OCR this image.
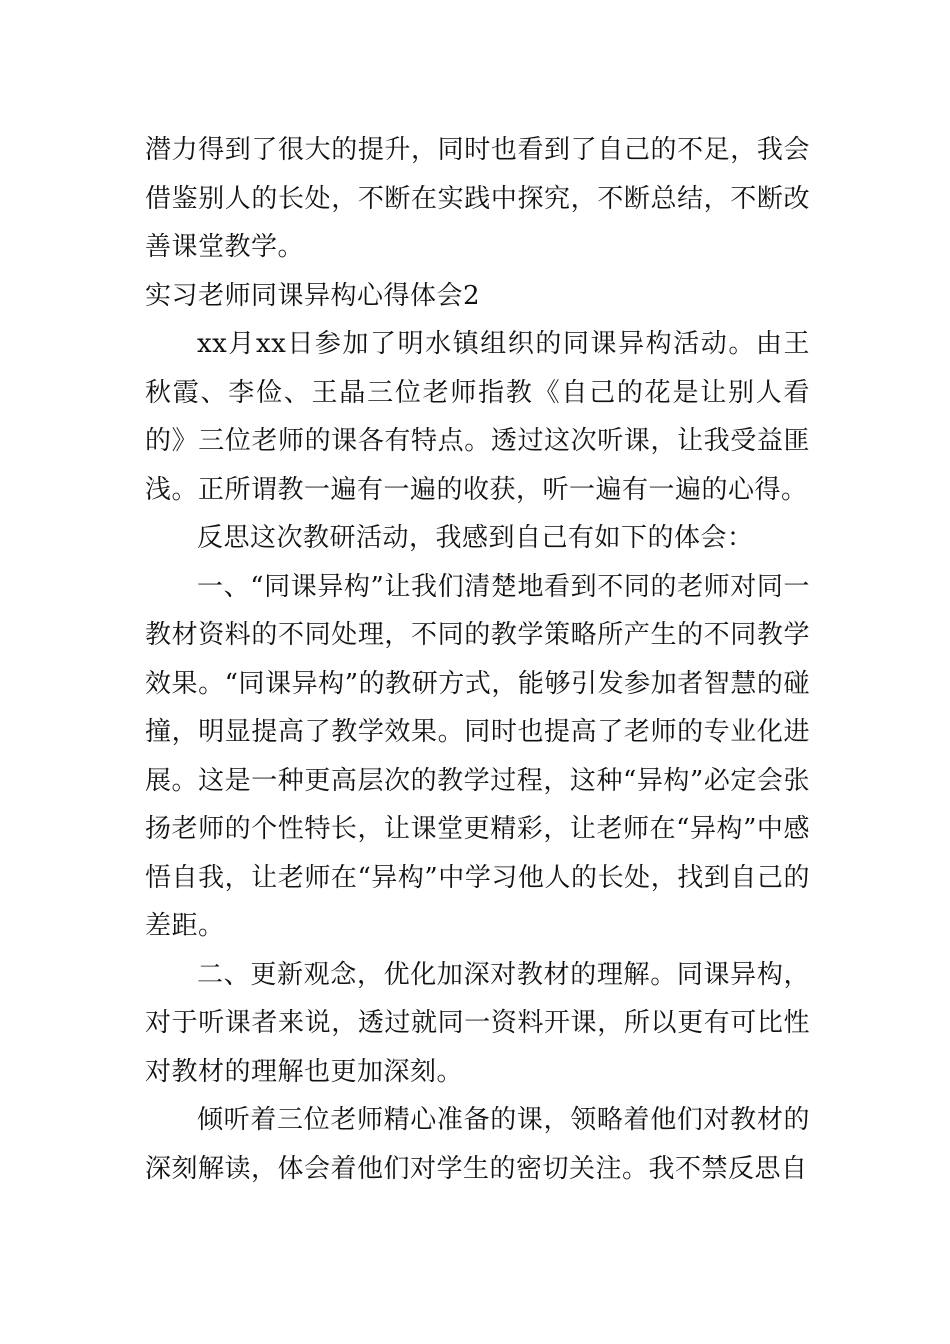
潜力得到了很大的提升，同时也看到了自己的不足，我会借鉴别人的长处，不断在实践中探究，不断总结，不断改善课堂教学。

实习老师同课异构心得体会2

xx月xx日参加了明水镇组织的同课异构活动。由王秋霞、李俭、王晶三位老师指教《自己的花是让别人看的》三位老师的课各有特点。透过这次听课，让我受益匪浅。正所谓教一遍有一遍的收获，听一遍有一遍的心得。

反思这次教研活动，我感到自己有如下的体会：

一、“同课异构”让我们清楚地看到不同的老师对同一教材资料的不同处理，不同的教学策略所产生的不同教学效果。“同课异构”的教研方式，能够引发参加者智慧的碰撞，明显提高了教学效果。同时也提高了老师的专业化进展。这是一种更高层次的教学过程，这种“异构”必定会张扬老师的个性特长，让课堂更精彩，让老师在“异构”中感悟自我，让老师在“异构”中学习他人的长处，找到自己的差距。

二、更新观念，优化加深对教材的理解。同课异构，对于听课者来说，透过就同一资料开课，所以更有可比性对教材的理解也更加深刻。

倾听着三位老师精心准备的课，领略着他们对教材的深刻解读，体会着他们对学生的密切关注。我不禁反思自
